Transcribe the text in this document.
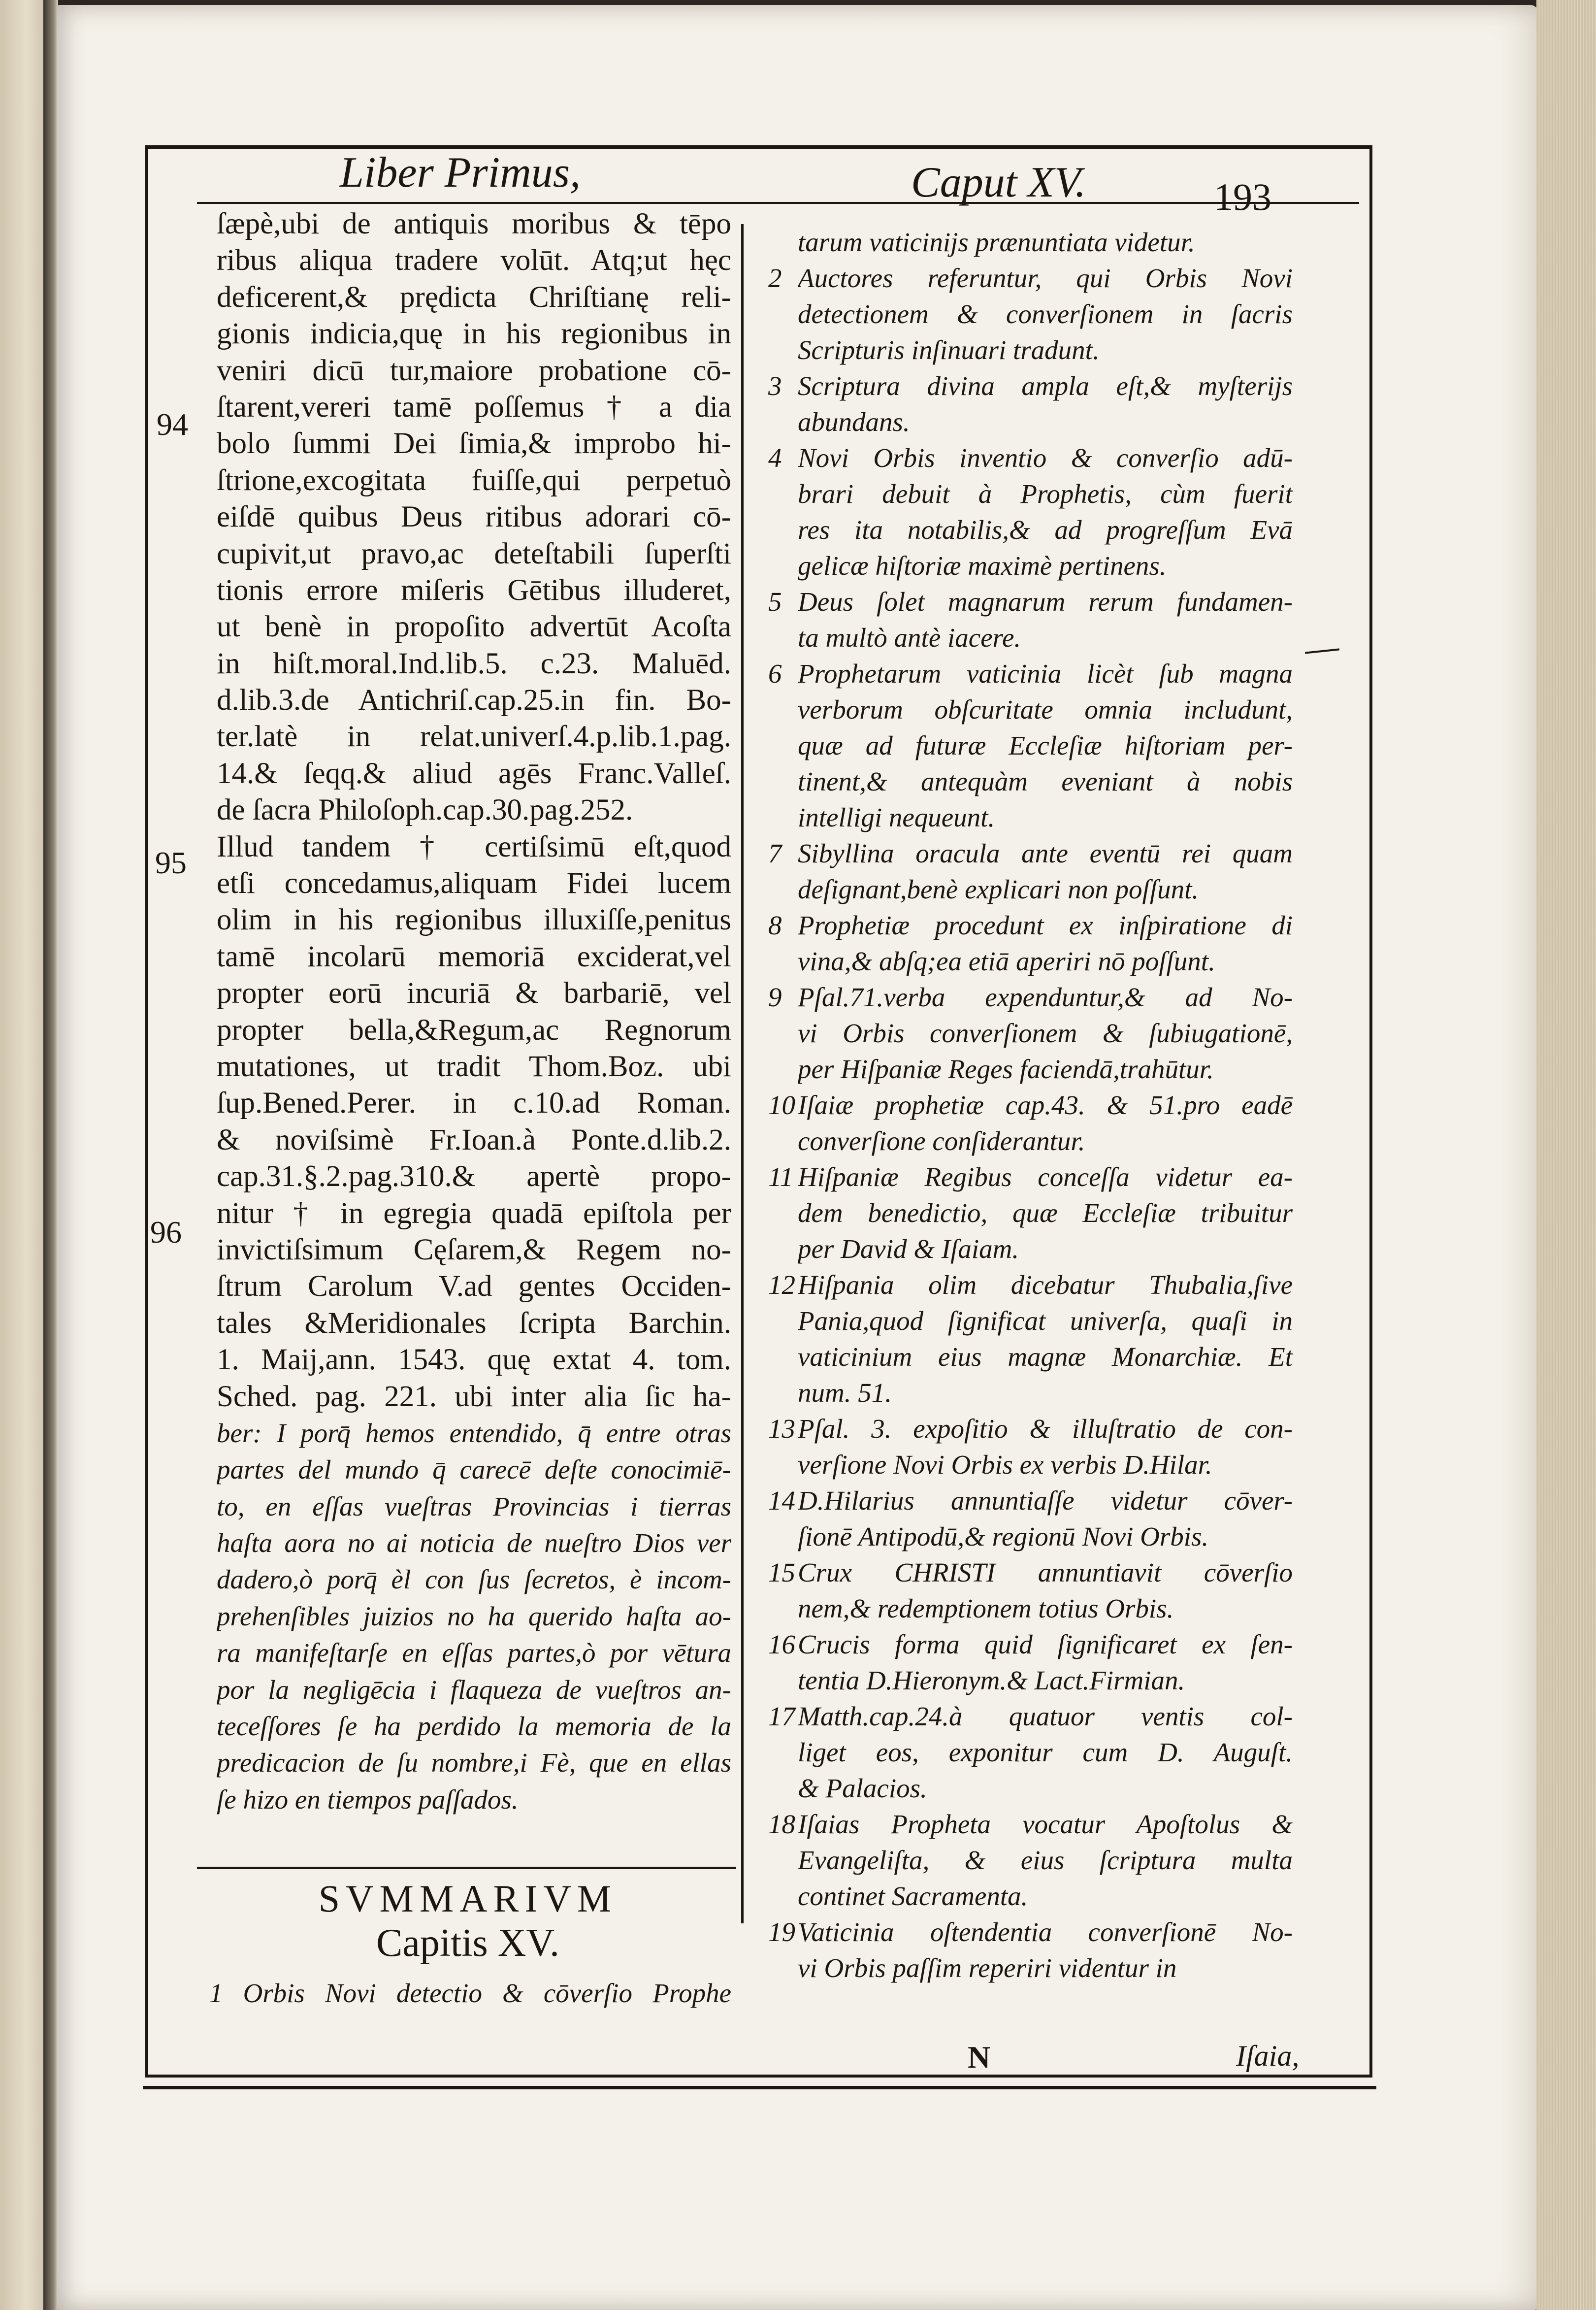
Liber Primus,	Caput XV.	193
94
95
96
ſæpè,ubi de antiquis moribus & tēpo
ribus aliqua tradere volūt. Atq;ut hęc
deficerent,& prędicta Chriſtianę reli-
gionis indicia,quę in his regionibus in
veniri dicū tur,maiore probatione cō-
ſtarent,vereri tamē poſſemus † a dia
bolo ſummi Dei ſimia,& improbo hi-
ſtrione,excogitata fuiſſe,qui perpetuò
eiſdē quibus Deus ritibus adorari cō-
cupivit,ut pravo,ac deteſtabili ſuperſti
tionis errore miſeris Gētibus illuderet,
ut benè in propoſito advertūt Acoſta
in hiſt.moral.Ind.lib.5. c.23. Maluēd.
d.lib.3.de Antichriſ.cap.25.in fin. Bo-
ter.latè in relat.univerſ.4.p.lib.1.pag.
14.& ſeqq.& aliud agēs Franc.Valleſ.
de ſacra Philoſoph.cap.30.pag.252.
Illud tandem † certiſsimū eſt,quod
etſi concedamus,aliquam Fidei lucem
olim in his regionibus illuxiſſe,penitus
tamē incolarū memoriā exciderat,vel
propter eorū incuriā & barbariē, vel
propter bella,&Regum,ac Regnorum
mutationes, ut tradit Thom.Boz. ubi
ſup.Bened.Perer. in c.10.ad Roman.
& noviſsimè Fr.Ioan.à Ponte.d.lib.2.
cap.31.§.2.pag.310.& apertè propo-
nitur † in egregia quadā epiſtola per
invictiſsimum Cęſarem,& Regem no-
ſtrum Carolum V.ad gentes Occiden-
tales &Meridionales ſcripta Barchin.
1. Maij,ann. 1543. quę extat 4. tom.
Sched. pag. 221. ubi inter alia ſic ha-
ber: I porq̄ hemos entendido, q̄ entre otras
partes del mundo q̄ carecē deſte conocimiē-
to, en eſſas vueſtras Provincias i tierras
haſta aora no ai noticia de nueſtro Dios ver
dadero,ò porq̄ èl con ſus ſecretos, è incom-
prehenſibles juizios no ha querido haſta ao-
ra manifeſtarſe en eſſas partes,ò por vētura
por la negligēcia i flaqueza de vueſtros an-
teceſſores ſe ha perdido la memoria de la
predicacion de ſu nombre,i Fè, que en ellas
ſe hizo en tiempos paſſados.
tarum vaticinijs prænuntiata videtur.
2 Auctores referuntur, qui Orbis Novi
detectionem & converſionem in ſacris
Scripturis inſinuari tradunt.
3 Scriptura divina ampla eſt,& myſterijs
abundans.
4 Novi Orbis inventio & converſio adū-
brari debuit à Prophetis, cùm fuerit
res ita notabilis,& ad progreſſum Evā
gelicæ hiſtoriæ maximè pertinens.
5 Deus ſolet magnarum rerum fundamen-
ta multò antè iacere.
6 Prophetarum vaticinia licèt ſub magna
verborum obſcuritate omnia includunt,
quæ ad futuræ Eccleſiæ hiſtoriam per-
tinent,& antequàm eveniant à nobis
intelligi nequeunt.
7 Sibyllina oracula ante eventū rei quam
deſignant,benè explicari non poſſunt.
8 Prophetiæ procedunt ex inſpiratione di
vina,& abſq;ea etiā aperiri nō poſſunt.
9 Pſal.71.verba expenduntur,& ad No-
vi Orbis converſionem & ſubiugationē,
per Hiſpaniæ Reges faciendā,trahūtur.
10 Iſaiæ prophetiæ cap.43. & 51.pro eadē
converſione conſiderantur.
11 Hiſpaniæ Regibus conceſſa videtur ea-
dem benedictio, quæ Eccleſiæ tribuitur
per David & Iſaiam.
12 Hiſpania olim dicebatur Thubalia,ſive
Pania,quod ſignificat univerſa, quaſi in
vaticinium eius magnæ Monarchiæ. Et
num. 51.
13 Pſal. 3. expoſitio & illuſtratio de con-
verſione Novi Orbis ex verbis D.Hilar.
14 D.Hilarius annuntiaſſe videtur cōver-
ſionē Antipodū,& regionū Novi Orbis.
15 Crux CHRISTI annuntiavit cōverſio
nem,& redemptionem totius Orbis.
16 Crucis forma quid ſignificaret ex ſen-
tentia D.Hieronym.& Lact.Firmian.
17 Matth.cap.24.à quatuor ventis col-
liget eos, exponitur cum D. Auguſt.
& Palacios.
18 Iſaias Propheta vocatur Apoſtolus &
Evangeliſta, & eius ſcriptura multa
continet Sacramenta.
19 Vaticinia oſtendentia converſionē No-
vi Orbis paſſim reperiri videntur in
SVMMARIVM
Capitis XV.
1 Orbis Novi detectio & cōverſio Prophe
N	Iſaia,
